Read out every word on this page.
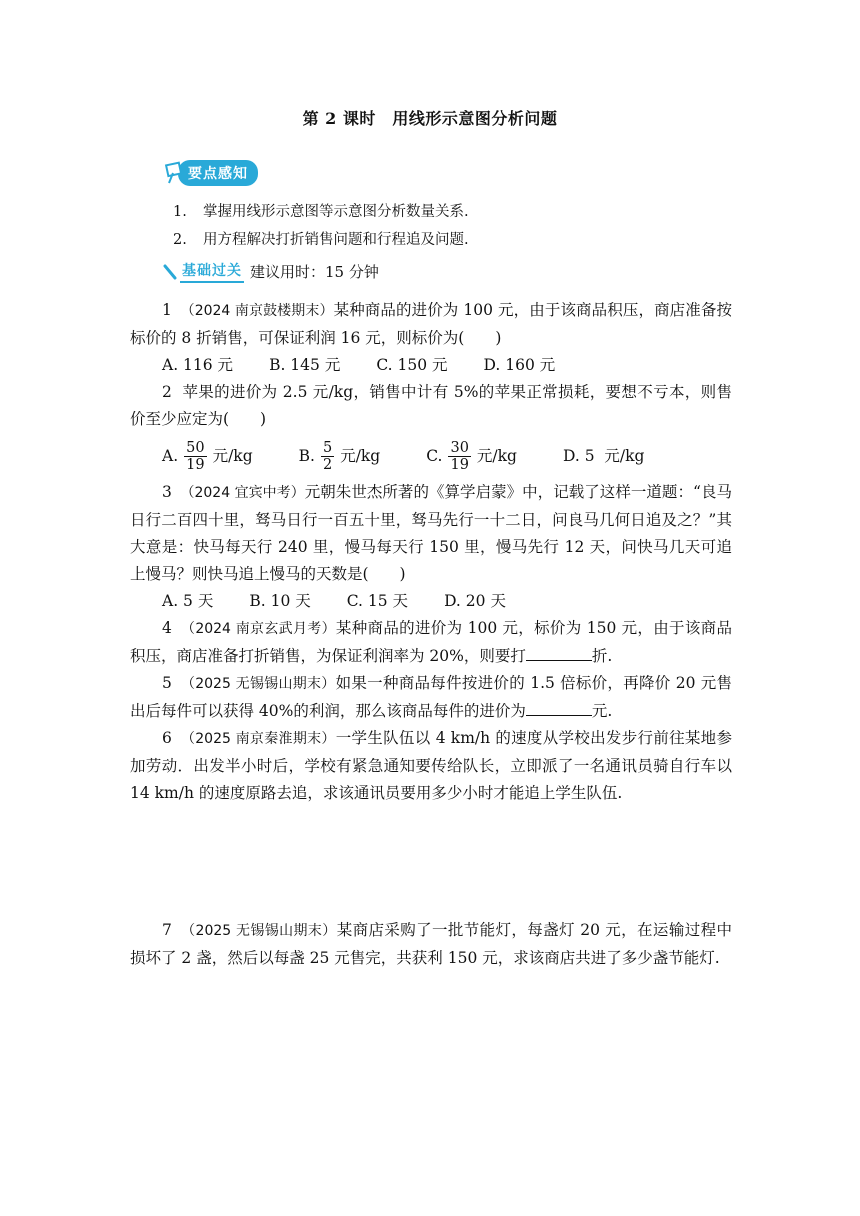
第 2 课时　用线形示意图分析问题
要点感知
1.	掌握用线形示意图等示意图分析数量关系.
2.	用方程解决打折销售问题和行程追及问题.
基础过关 建议用时：15 分钟

1　 （2024 南京鼓楼期末）某种商品的进价为 100 元，由于该商品积压，商店准备按标价的 8 折销售，可保证利润 16 元，则标价为(　　)

A. 116 元 B. 145 元 C. 150 元 D. 160 元

2 苹果的进价为 2.5 元/kg，销售中计有 5%的苹果正常损耗，要想不亏本，则售价至少应定为(　　)

A. $\frac{50}{19}$ 元/kg	B. $\frac{5}{2}$ 元/kg	C. $\frac{30}{19}$ 元/kg	D. 5
元/kg

3　 （2024 宜宾中考）元朝朱世杰所著的《算学启蒙》中，记载了这样一道题：“良马日行二百四十里，驽马日行一百五十里，驽马先行一十二日，问良马几何日追及之？”其大意是：快马每天行 240 里，慢马每天行 150 里，慢马先行 12 天，问快马几天可追上慢马？则快马追上慢马的天数是(　　)

A. 5 天 B. 10 天 C. 15 天 D. 20 天

4　 （2024 南京玄武月考）某种商品的进价为 100 元，标价为 150 元，由于该商品积压，商店准备打折销售，为保证利润率为 20%，则要打	折.

5　 （2025 无锡锡山期末）如果一种商品每件按进价的 1.5 倍标价，再降价 20 元售出后每件可以获得 40%的利润，那么该商品每件的进价为	元.

6　 （2025 南京秦淮期末）一学生队伍以 4 km/h 的速度从学校出发步行前往某地参加劳动．出发半小时后，学校有紧急通知要传给队长，立即派了一名通讯员骑自行车以 14 km/h 的速度原路去追，求该通讯员要用多少小时才能追上学生队伍.

7　 （2025 无锡锡山期末）某商店采购了一批节能灯，每盏灯 20 元，在运输过程中损坏了 2 盏，然后以每盏 25 元售完，共获利 150 元，求该商店共进了多少盏节能灯.
